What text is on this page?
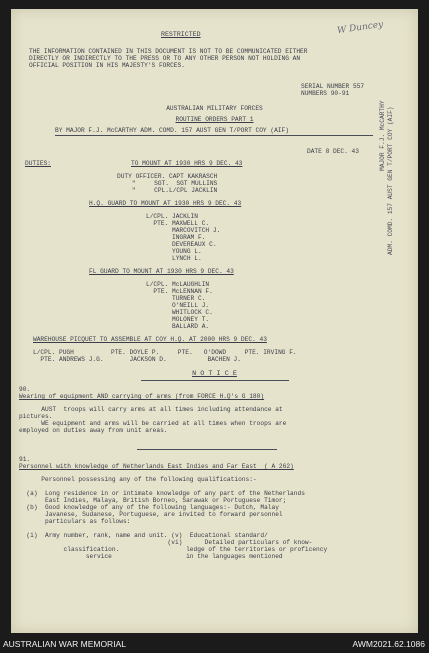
RESTRICTED	W Duncey
THE INFORMATION CONTAINED IN THIS DOCUMENT IS NOT TO BE COMMUNICATED EITHER
DIRECTLY OR INDIRECTLY TO THE PRESS OR TO ANY OTHER PERSON NOT HOLDING AN
OFFICIAL POSITION IN HIS MAJESTY'S FORCES.
SERIAL NUMBER 557
NUMBERS 90-91
AUSTRALIAN MILITARY FORCES
ROUTINE ORDERS PART 1
BY MAJOR F.J. McCARTHY ADM. COMD. 157 AUST GEN T/PORT COY (AIF)
DATE 8 DEC. 43
DUTIES:	TO MOUNT AT 1930 HRS 9 DEC. 43
DUTY OFFICER. CAPT KAKRASCH
"     SGT.  SGT MULLINS
"     CPL.L/CPL JACKLIN
H.Q. GUARD TO MOUNT AT 1930 HRS 9 DEC. 43
L/CPL. JACKLIN
PTE. MAXWELL C.
MARCOVITCH J.
INGRAM F.
DEVEREAUX C.
YOUNG L.
LYNCH L.
FL GUARD TO MOUNT AT 1930 HRS 9 DEC. 43
L/CPL. McLAUGHLIN
PTE. McLENNAN F.
TURNER C.
O'NEILL J.
WHITLOCK C.
MOLONEY T.
BALLARD A.
WAREHOUSE PICQUET TO ASSEMBLE AT COY H.Q. AT 2000 HRS 9 DEC. 43
L/CPL. PUGH          PTE. DOYLE P.     PTE.   O'DOWD     PTE. IRVING F.
PTE. ANDREWS J.G.       JACKSON D.           BACHEN J.
N O T I C E
90.
Wearing of equipment AND carrying of arms (from FORCE H.Q's G 180)
AUST  troops will carry arms at all times including attendance at
pictures.
WE equipment and arms will be carried at all times when troops are
employed on duties away from unit areas.
91.
Personnel with knowledge of Netherlands East Indies and Far East  ( A 262)
Personnel possessing any of the following qualifications:-
(a)  Long residence in or intimate knowledge of any part of the Netherlands
East Indies, Malaya, British Borneo, Sarawak or Portuguese Timor;
(b)  Good knowledge of any of the following languages:- Dutch, Malay
Javanese, Sudanese, Portuguese, are invited to forward personnel
particulars as follows:
(i)  Army number, rank, name and unit. (v)  Educational standard/
(vi)      Detailed particulars of know-
classification.                  ledge of the territories or proficency
service                    in the languages mentioned
MAJOR F.J. McCARTHY ADM. COMD. 157 AUST GEN T/PORT COY (AIF)
AUSTRALIAN WAR MEMORIAL	AWM2021.62.1086
